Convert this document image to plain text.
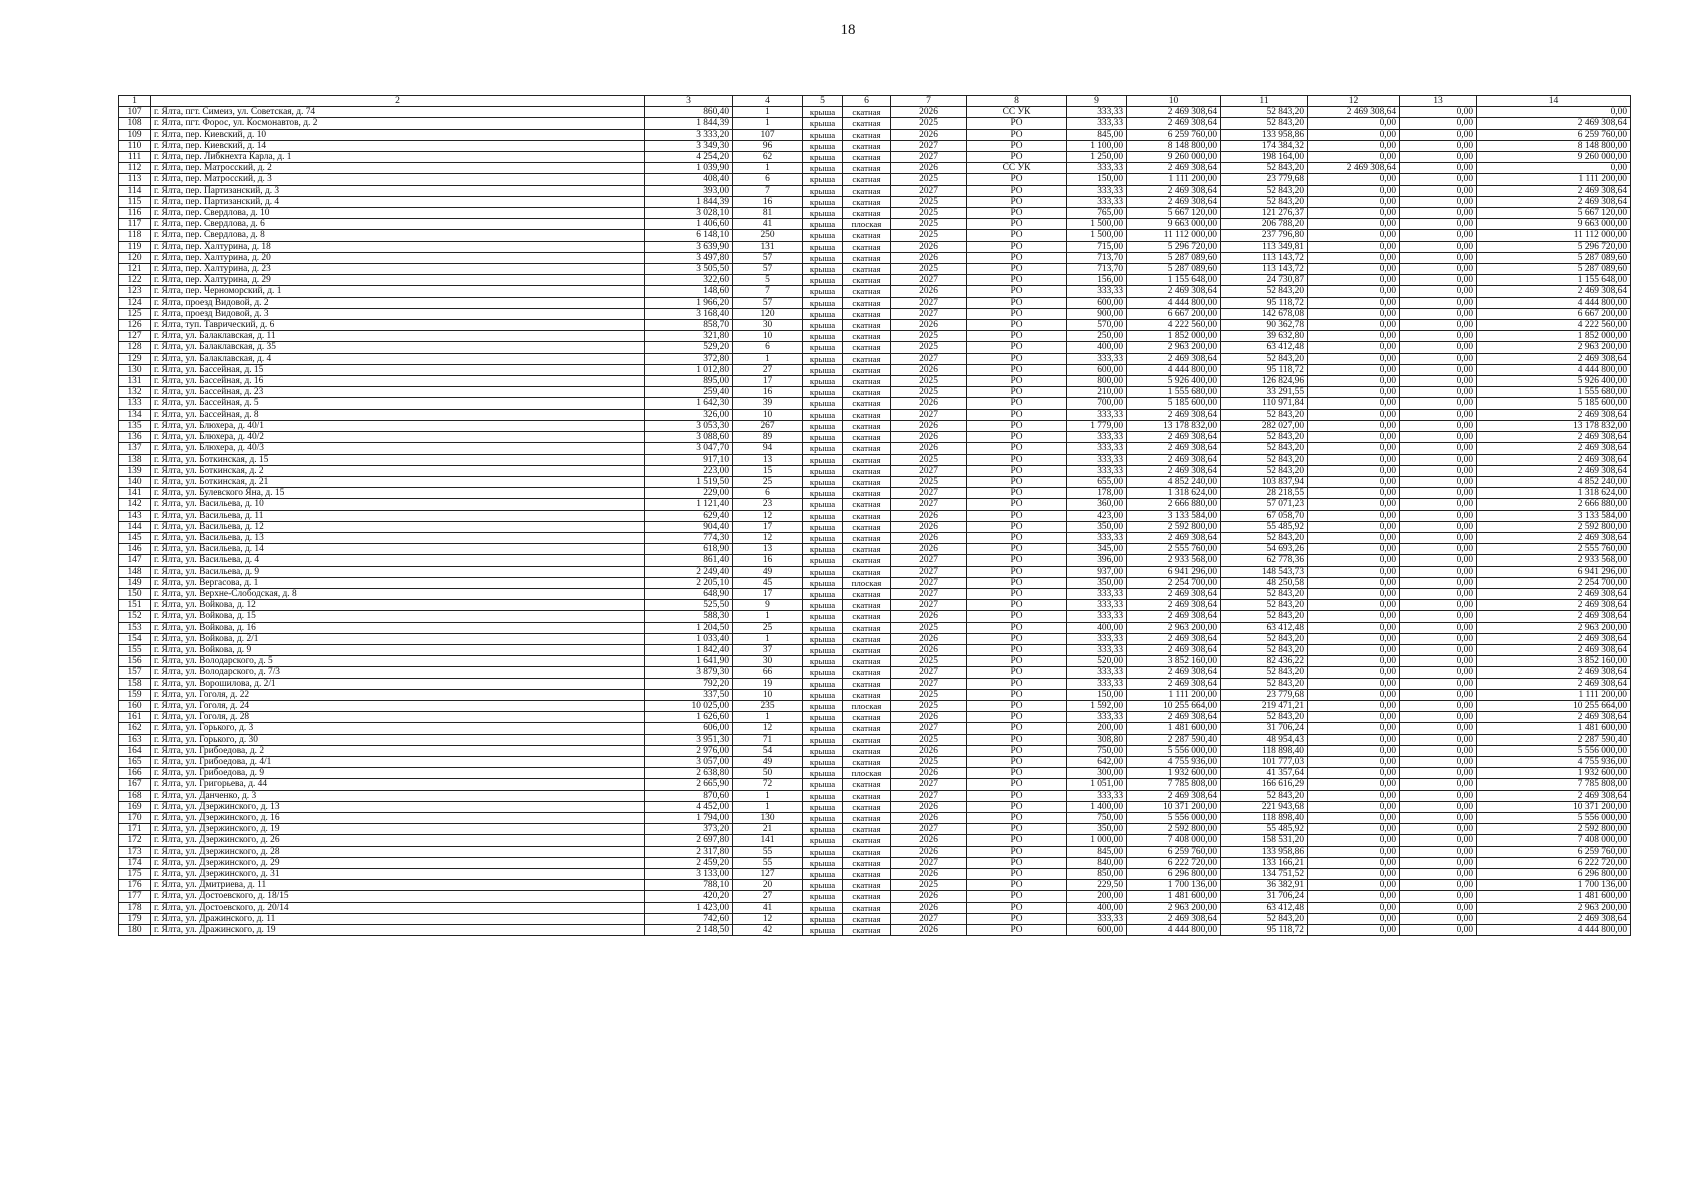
18
1	2	3	4	5	6	7	8	9	10	11	12	13	14
107	г. Ялта, пгт. Симеиз, ул. Советская, д. 74	860,40	1	крыша	скатная	2026	СС УК	333,33	2 469 308,64	52 843,20	2 469 308,64	0,00	0,00
108	г. Ялта, пгт. Форос, ул. Космонавтов, д. 2	1 844,39	1	крыша	скатная	2025	РО	333,33	2 469 308,64	52 843,20	0,00	0,00	2 469 308,64
109	г. Ялта, пер. Киевский, д. 10	3 333,20	107	крыша	скатная	2026	РО	845,00	6 259 760,00	133 958,86	0,00	0,00	6 259 760,00
110	г. Ялта, пер. Киевский, д. 14	3 349,30	96	крыша	скатная	2027	РО	1 100,00	8 148 800,00	174 384,32	0,00	0,00	8 148 800,00
111	г. Ялта, пер. Либкнехта Карла, д. 1	4 254,20	62	крыша	скатная	2027	РО	1 250,00	9 260 000,00	198 164,00	0,00	0,00	9 260 000,00
112	г. Ялта, пер. Матросский, д. 2	1 039,90	1	крыша	скатная	2026	СС УК	333,33	2 469 308,64	52 843,20	2 469 308,64	0,00	0,00
113	г. Ялта, пер. Матросский, д. 3	408,40	6	крыша	скатная	2025	РО	150,00	1 111 200,00	23 779,68	0,00	0,00	1 111 200,00
114	г. Ялта, пер. Партизанский, д. 3	393,00	7	крыша	скатная	2027	РО	333,33	2 469 308,64	52 843,20	0,00	0,00	2 469 308,64
115	г. Ялта, пер. Партизанский, д. 4	1 844,39	16	крыша	скатная	2025	РО	333,33	2 469 308,64	52 843,20	0,00	0,00	2 469 308,64
116	г. Ялта, пер. Свердлова, д. 10	3 028,10	81	крыша	скатная	2025	РО	765,00	5 667 120,00	121 276,37	0,00	0,00	5 667 120,00
117	г. Ялта, пер. Свердлова, д. 6	1 406,60	41	крыша	плоская	2025	РО	1 500,00	9 663 000,00	206 788,20	0,00	0,00	9 663 000,00
118	г. Ялта, пер. Свердлова, д. 8	6 148,10	250	крыша	скатная	2025	РО	1 500,00	11 112 000,00	237 796,80	0,00	0,00	11 112 000,00
119	г. Ялта, пер. Халтурина, д. 18	3 639,90	131	крыша	скатная	2026	РО	715,00	5 296 720,00	113 349,81	0,00	0,00	5 296 720,00
120	г. Ялта, пер. Халтурина, д. 20	3 497,80	57	крыша	скатная	2026	РО	713,70	5 287 089,60	113 143,72	0,00	0,00	5 287 089,60
121	г. Ялта, пер. Халтурина, д. 23	3 505,50	57	крыша	скатная	2025	РО	713,70	5 287 089,60	113 143,72	0,00	0,00	5 287 089,60
122	г. Ялта, пер. Халтурина, д. 29	322,60	5	крыша	скатная	2027	РО	156,00	1 155 648,00	24 730,87	0,00	0,00	1 155 648,00
123	г. Ялта, пер. Черноморский, д. 1	148,60	7	крыша	скатная	2026	РО	333,33	2 469 308,64	52 843,20	0,00	0,00	2 469 308,64
124	г. Ялта, проезд Видовой, д. 2	1 966,20	57	крыша	скатная	2027	РО	600,00	4 444 800,00	95 118,72	0,00	0,00	4 444 800,00
125	г. Ялта, проезд Видовой, д. 3	3 168,40	120	крыша	скатная	2027	РО	900,00	6 667 200,00	142 678,08	0,00	0,00	6 667 200,00
126	г. Ялта, туп. Таврический, д. 6	858,70	30	крыша	скатная	2026	РО	570,00	4 222 560,00	90 362,78	0,00	0,00	4 222 560,00
127	г. Ялта, ул. Балаклавская, д. 11	321,80	10	крыша	скатная	2025	РО	250,00	1 852 000,00	39 632,80	0,00	0,00	1 852 000,00
128	г. Ялта, ул. Балаклавская, д. 35	529,20	6	крыша	скатная	2025	РО	400,00	2 963 200,00	63 412,48	0,00	0,00	2 963 200,00
129	г. Ялта, ул. Балаклавская, д. 4	372,80	1	крыша	скатная	2027	РО	333,33	2 469 308,64	52 843,20	0,00	0,00	2 469 308,64
130	г. Ялта, ул. Бассейная, д. 15	1 012,80	27	крыша	скатная	2026	РО	600,00	4 444 800,00	95 118,72	0,00	0,00	4 444 800,00
131	г. Ялта, ул. Бассейная, д. 16	895,00	17	крыша	скатная	2025	РО	800,00	5 926 400,00	126 824,96	0,00	0,00	5 926 400,00
132	г. Ялта, ул. Бассейная, д. 23	259,40	16	крыша	скатная	2025	РО	210,00	1 555 680,00	33 291,55	0,00	0,00	1 555 680,00
133	г. Ялта, ул. Бассейная, д. 5	1 642,30	39	крыша	скатная	2026	РО	700,00	5 185 600,00	110 971,84	0,00	0,00	5 185 600,00
134	г. Ялта, ул. Бассейная, д. 8	326,00	10	крыша	скатная	2027	РО	333,33	2 469 308,64	52 843,20	0,00	0,00	2 469 308,64
135	г. Ялта, ул. Блюхера, д. 40/1	3 053,30	267	крыша	скатная	2026	РО	1 779,00	13 178 832,00	282 027,00	0,00	0,00	13 178 832,00
136	г. Ялта, ул. Блюхера, д. 40/2	3 088,60	89	крыша	скатная	2026	РО	333,33	2 469 308,64	52 843,20	0,00	0,00	2 469 308,64
137	г. Ялта, ул. Блюхера, д. 40/3	3 047,70	94	крыша	скатная	2026	РО	333,33	2 469 308,64	52 843,20	0,00	0,00	2 469 308,64
138	г. Ялта, ул. Боткинская, д. 15	917,10	13	крыша	скатная	2025	РО	333,33	2 469 308,64	52 843,20	0,00	0,00	2 469 308,64
139	г. Ялта, ул. Боткинская, д. 2	223,00	15	крыша	скатная	2027	РО	333,33	2 469 308,64	52 843,20	0,00	0,00	2 469 308,64
140	г. Ялта, ул. Боткинская, д. 21	1 519,50	25	крыша	скатная	2025	РО	655,00	4 852 240,00	103 837,94	0,00	0,00	4 852 240,00
141	г. Ялта, ул. Булевского Яна, д. 15	229,00	6	крыша	скатная	2027	РО	178,00	1 318 624,00	28 218,55	0,00	0,00	1 318 624,00
142	г. Ялта, ул. Васильева, д. 10	1 121,40	23	крыша	скатная	2027	РО	360,00	2 666 880,00	57 071,23	0,00	0,00	2 666 880,00
143	г. Ялта, ул. Васильева, д. 11	629,40	12	крыша	скатная	2026	РО	423,00	3 133 584,00	67 058,70	0,00	0,00	3 133 584,00
144	г. Ялта, ул. Васильева, д. 12	904,40	17	крыша	скатная	2026	РО	350,00	2 592 800,00	55 485,92	0,00	0,00	2 592 800,00
145	г. Ялта, ул. Васильева, д. 13	774,30	12	крыша	скатная	2026	РО	333,33	2 469 308,64	52 843,20	0,00	0,00	2 469 308,64
146	г. Ялта, ул. Васильева, д. 14	618,90	13	крыша	скатная	2026	РО	345,00	2 555 760,00	54 693,26	0,00	0,00	2 555 760,00
147	г. Ялта, ул. Васильева, д. 4	861,40	16	крыша	скатная	2027	РО	396,00	2 933 568,00	62 778,36	0,00	0,00	2 933 568,00
148	г. Ялта, ул. Васильева, д. 9	2 249,40	49	крыша	скатная	2027	РО	937,00	6 941 296,00	148 543,73	0,00	0,00	6 941 296,00
149	г. Ялта, ул. Вергасова, д. 1	2 205,10	45	крыша	плоская	2027	РО	350,00	2 254 700,00	48 250,58	0,00	0,00	2 254 700,00
150	г. Ялта, ул. Верхне-Слободская, д. 8	648,90	17	крыша	скатная	2027	РО	333,33	2 469 308,64	52 843,20	0,00	0,00	2 469 308,64
151	г. Ялта, ул. Войкова, д. 12	525,50	9	крыша	скатная	2027	РО	333,33	2 469 308,64	52 843,20	0,00	0,00	2 469 308,64
152	г. Ялта, ул. Войкова, д. 15	588,30	1	крыша	скатная	2026	РО	333,33	2 469 308,64	52 843,20	0,00	0,00	2 469 308,64
153	г. Ялта, ул. Войкова, д. 16	1 204,50	25	крыша	скатная	2025	РО	400,00	2 963 200,00	63 412,48	0,00	0,00	2 963 200,00
154	г. Ялта, ул. Войкова, д. 2/1	1 033,40	1	крыша	скатная	2026	РО	333,33	2 469 308,64	52 843,20	0,00	0,00	2 469 308,64
155	г. Ялта, ул. Войкова, д. 9	1 842,40	37	крыша	скатная	2026	РО	333,33	2 469 308,64	52 843,20	0,00	0,00	2 469 308,64
156	г. Ялта, ул. Володарского, д. 5	1 641,90	30	крыша	скатная	2025	РО	520,00	3 852 160,00	82 436,22	0,00	0,00	3 852 160,00
157	г. Ялта, ул. Володарского, д. 7/3	3 879,30	66	крыша	скатная	2027	РО	333,33	2 469 308,64	52 843,20	0,00	0,00	2 469 308,64
158	г. Ялта, ул. Ворошилова, д. 2/1	792,20	19	крыша	скатная	2027	РО	333,33	2 469 308,64	52 843,20	0,00	0,00	2 469 308,64
159	г. Ялта, ул. Гоголя, д. 22	337,50	10	крыша	скатная	2025	РО	150,00	1 111 200,00	23 779,68	0,00	0,00	1 111 200,00
160	г. Ялта, ул. Гоголя, д. 24	10 025,00	235	крыша	плоская	2025	РО	1 592,00	10 255 664,00	219 471,21	0,00	0,00	10 255 664,00
161	г. Ялта, ул. Гоголя, д. 28	1 626,60	1	крыша	скатная	2026	РО	333,33	2 469 308,64	52 843,20	0,00	0,00	2 469 308,64
162	г. Ялта, ул. Горького, д. 3	606,00	12	крыша	скатная	2027	РО	200,00	1 481 600,00	31 706,24	0,00	0,00	1 481 600,00
163	г. Ялта, ул. Горького, д. 30	3 951,30	71	крыша	скатная	2025	РО	308,80	2 287 590,40	48 954,43	0,00	0,00	2 287 590,40
164	г. Ялта, ул. Грибоедова, д. 2	2 976,00	54	крыша	скатная	2026	РО	750,00	5 556 000,00	118 898,40	0,00	0,00	5 556 000,00
165	г. Ялта, ул. Грибоедова, д. 4/1	3 057,00	49	крыша	скатная	2025	РО	642,00	4 755 936,00	101 777,03	0,00	0,00	4 755 936,00
166	г. Ялта, ул. Грибоедова, д. 9	2 638,80	50	крыша	плоская	2026	РО	300,00	1 932 600,00	41 357,64	0,00	0,00	1 932 600,00
167	г. Ялта, ул. Григорьева, д. 44	2 665,90	72	крыша	скатная	2027	РО	1 051,00	7 785 808,00	166 616,29	0,00	0,00	7 785 808,00
168	г. Ялта, ул. Данченко, д. 3	870,60	1	крыша	скатная	2027	РО	333,33	2 469 308,64	52 843,20	0,00	0,00	2 469 308,64
169	г. Ялта, ул. Дзержинского, д. 13	4 452,00	1	крыша	скатная	2026	РО	1 400,00	10 371 200,00	221 943,68	0,00	0,00	10 371 200,00
170	г. Ялта, ул. Дзержинского, д. 16	1 794,00	130	крыша	скатная	2026	РО	750,00	5 556 000,00	118 898,40	0,00	0,00	5 556 000,00
171	г. Ялта, ул. Дзержинского, д. 19	373,20	21	крыша	скатная	2027	РО	350,00	2 592 800,00	55 485,92	0,00	0,00	2 592 800,00
172	г. Ялта, ул. Дзержинского, д. 26	2 697,80	141	крыша	скатная	2026	РО	1 000,00	7 408 000,00	158 531,20	0,00	0,00	7 408 000,00
173	г. Ялта, ул. Дзержинского, д. 28	2 317,80	55	крыша	скатная	2026	РО	845,00	6 259 760,00	133 958,86	0,00	0,00	6 259 760,00
174	г. Ялта, ул. Дзержинского, д. 29	2 459,20	55	крыша	скатная	2027	РО	840,00	6 222 720,00	133 166,21	0,00	0,00	6 222 720,00
175	г. Ялта, ул. Дзержинского, д. 31	3 133,00	127	крыша	скатная	2026	РО	850,00	6 296 800,00	134 751,52	0,00	0,00	6 296 800,00
176	г. Ялта, ул. Дмитриева, д. 11	788,10	20	крыша	скатная	2025	РО	229,50	1 700 136,00	36 382,91	0,00	0,00	1 700 136,00
177	г. Ялта, ул. Достоевского, д. 18/15	420,20	27	крыша	скатная	2026	РО	200,00	1 481 600,00	31 706,24	0,00	0,00	1 481 600,00
178	г. Ялта, ул. Достоевского, д. 20/14	1 423,00	41	крыша	скатная	2026	РО	400,00	2 963 200,00	63 412,48	0,00	0,00	2 963 200,00
179	г. Ялта, ул. Дражинского, д. 11	742,60	12	крыша	скатная	2027	РО	333,33	2 469 308,64	52 843,20	0,00	0,00	2 469 308,64
180	г. Ялта, ул. Дражинского, д. 19	2 148,50	42	крыша	скатная	2026	РО	600,00	4 444 800,00	95 118,72	0,00	0,00	4 444 800,00
